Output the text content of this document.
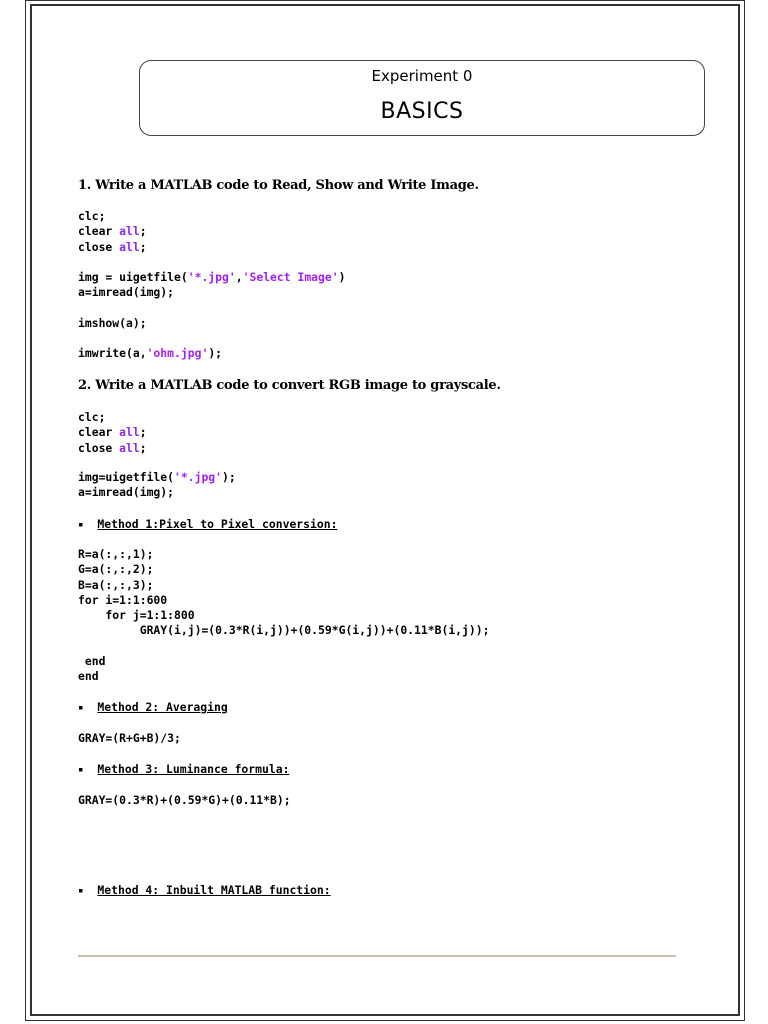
Experiment 0
BASICS
1. Write a MATLAB code to Read, Show and Write Image.
clc;
clear all;
close all;
img = uigetfile('*.jpg','Select Image')
a=imread(img);
imshow(a);
imwrite(a,'ohm.jpg');
2. Write a MATLAB code to convert RGB image to grayscale.
clc;
clear all;
close all;
img=uigetfile('*.jpg');
a=imread(img);
▪ Method 1:Pixel to Pixel conversion:
R=a(:,:,1);
G=a(:,:,2);
B=a(:,:,3);
for i=1:1:600
for j=1:1:800
GRAY(i,j)=(0.3*R(i,j))+(0.59*G(i,j))+(0.11*B(i,j));

end
end
▪ Method 2: Averaging
GRAY=(R+G+B)/3;
▪ Method 3: Luminance formula:
GRAY=(0.3*R)+(0.59*G)+(0.11*B);
▪ Method 4: Inbuilt MATLAB function:
